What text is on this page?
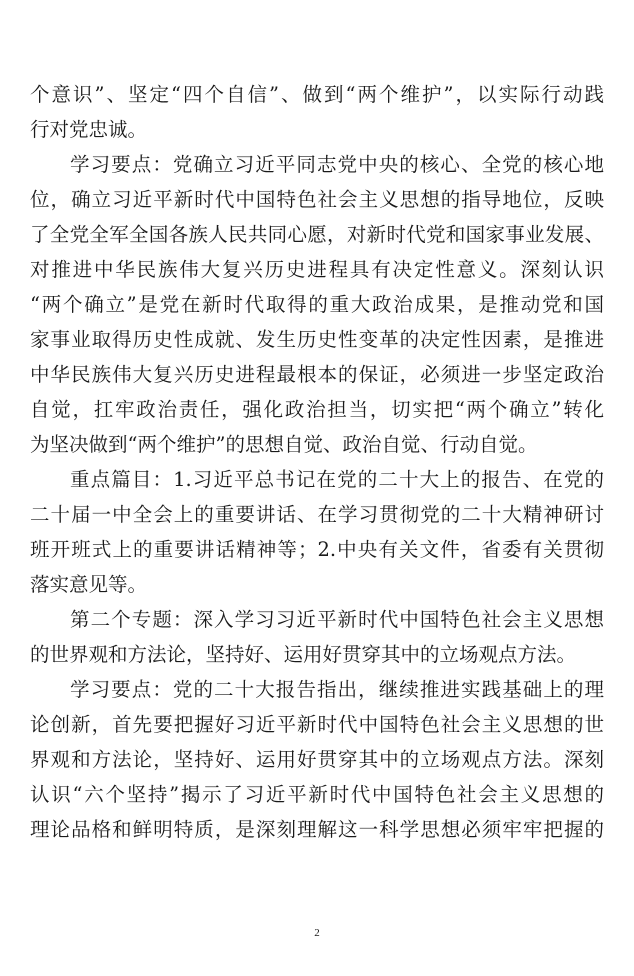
个意识”、坚定“四个自信”、做到“两个维护”，以实际行动践
行对党忠诚。
学习要点：党确立习近平同志党中央的核心、全党的核心地
位，确立习近平新时代中国特色社会主义思想的指导地位，反映
了全党全军全国各族人民共同心愿，对新时代党和国家事业发展、
对推进中华民族伟大复兴历史进程具有决定性意义。深刻认识
“两个确立”是党在新时代取得的重大政治成果，是推动党和国
家事业取得历史性成就、发生历史性变革的决定性因素，是推进
中华民族伟大复兴历史进程最根本的保证，必须进一步坚定政治
自觉，扛牢政治责任，强化政治担当，切实把“两个确立”转化
为坚决做到“两个维护”的思想自觉、政治自觉、行动自觉。
重点篇目：1.习近平总书记在党的二十大上的报告、在党的
二十届一中全会上的重要讲话、在学习贯彻党的二十大精神研讨
班开班式上的重要讲话精神等；2.中央有关文件，省委有关贯彻
落实意见等。
第二个专题：深入学习习近平新时代中国特色社会主义思想
的世界观和方法论，坚持好、运用好贯穿其中的立场观点方法。
学习要点：党的二十大报告指出，继续推进实践基础上的理
论创新，首先要把握好习近平新时代中国特色社会主义思想的世
界观和方法论，坚持好、运用好贯穿其中的立场观点方法。深刻
认识“六个坚持”揭示了习近平新时代中国特色社会主义思想的
理论品格和鲜明特质，是深刻理解这一科学思想必须牢牢把握的
2
